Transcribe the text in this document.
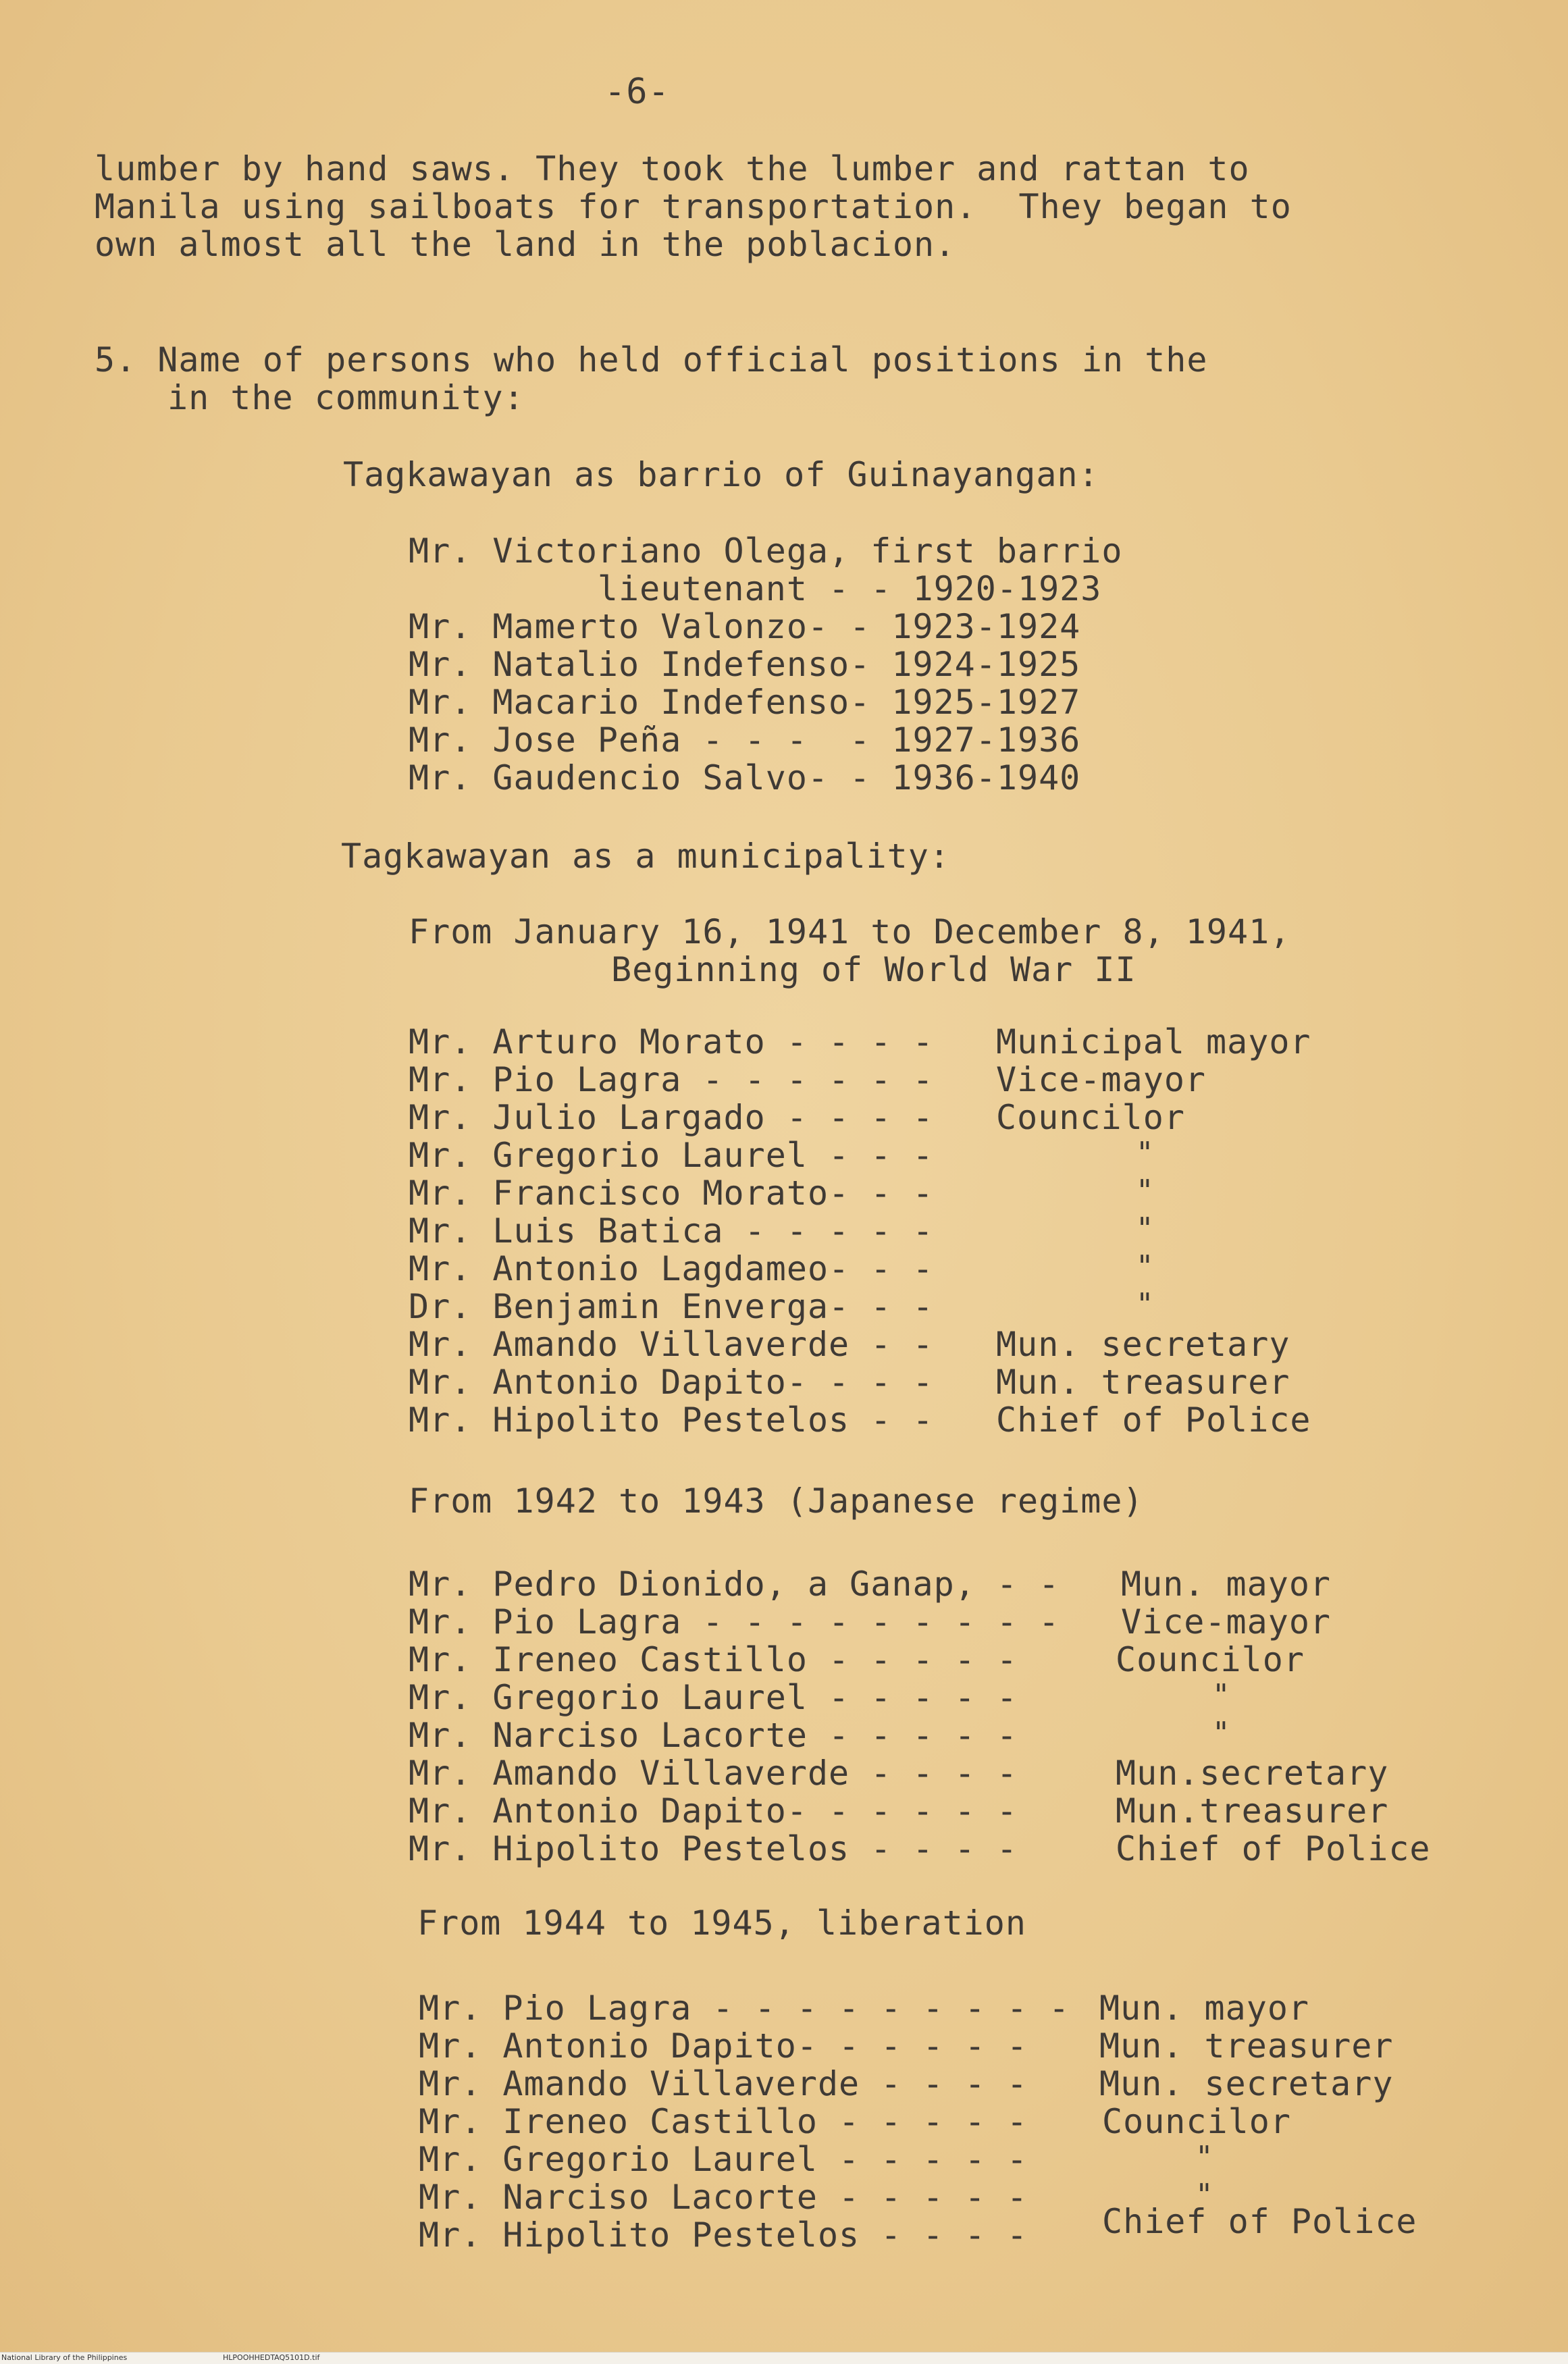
-6-
lumber by hand saws. They took the lumber and rattan to
Manila using sailboats for transportation.  They began to
own almost all the land in the poblacion.
5. Name of persons who held official positions in the
in the community:
Tagkawayan as barrio of Guinayangan:
Mr. Victoriano Olega, first barrio
lieutenant - - 1920-1923
Mr. Mamerto Valonzo- - 1923-1924
Mr. Natalio Indefenso- 1924-1925
Mr. Macario Indefenso- 1925-1927
Mr. Jose Peña - - -  - 1927-1936
Mr. Gaudencio Salvo- - 1936-1940
Tagkawayan as a municipality:
From January 16, 1941 to December 8, 1941,
Beginning of World War II
Mr. Arturo Morato - - - -
Mr. Pio Lagra - - - - - -
Mr. Julio Largado - - - -
Mr. Gregorio Laurel - - -
Mr. Francisco Morato- - -
Mr. Luis Batica - - - - -
Mr. Antonio Lagdameo- - -
Dr. Benjamin Enverga- - -
Mr. Amando Villaverde - -
Mr. Antonio Dapito- - - -
Mr. Hipolito Pestelos - -
Municipal mayor
Vice-mayor
Councilor
"
"
"
"
"
Mun. secretary
Mun. treasurer
Chief of Police
From 1942 to 1943 (Japanese regime)
Mr. Pedro Dionido, a Ganap, - -
Mr. Pio Lagra - - - - - - - - -
Mr. Ireneo Castillo - - - - -
Mr. Gregorio Laurel - - - - -
Mr. Narciso Lacorte - - - - -
Mr. Amando Villaverde - - - -
Mr. Antonio Dapito- - - - - -
Mr. Hipolito Pestelos - - - -
Mun. mayor
Vice-mayor
Councilor
"
"
Mun.secretary
Mun.treasurer
Chief of Police
From 1944 to 1945, liberation
Mr. Pio Lagra - - - - - - - - -
Mr. Antonio Dapito- - - - - -
Mr. Amando Villaverde - - - -
Mr. Ireneo Castillo - - - - -
Mr. Gregorio Laurel - - - - -
Mr. Narciso Lacorte - - - - -
Mr. Hipolito Pestelos - - - -
Mun. mayor
Mun. treasurer
Mun. secretary
Councilor
"
"
Chief of Police
National Library of the Philippines	HLPOOHHEDTAQ5101D.tif
